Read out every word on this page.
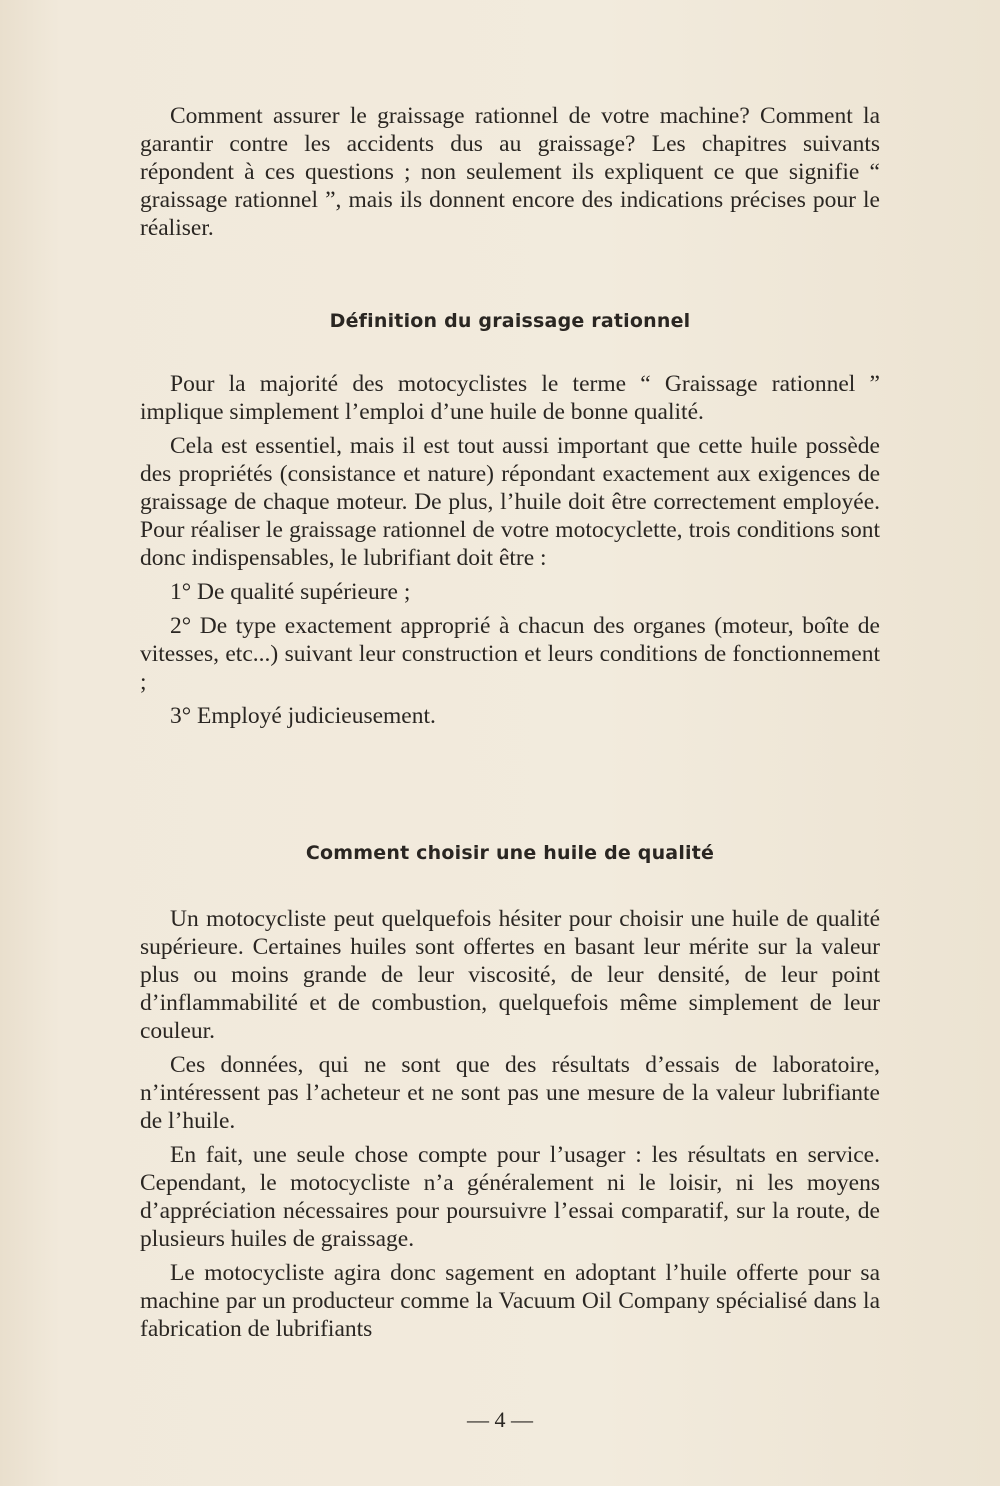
Comment assurer le graissage rationnel de votre machine? Comment la garantir contre les accidents dus au graissage? Les chapitres suivants répondent à ces questions ; non seulement ils expliquent ce que signifie “ graissage rationnel ”, mais ils donnent encore des indications précises pour le réaliser.

Définition du graissage rationnel

Pour la majorité des motocyclistes le terme “ Graissage rationnel ” implique simplement l’emploi d’une huile de bonne qualité.

Cela est essentiel, mais il est tout aussi important que cette huile possède des propriétés (consistance et nature) répondant exactement aux exigences de graissage de chaque moteur. De plus, l’huile doit être correctement employée. Pour réaliser le graissage rationnel de votre motocyclette, trois conditions sont donc indispensables, le lubrifiant doit être :

1° De qualité supérieure ;

2° De type exactement approprié à chacun des organes (moteur, boîte de vitesses, etc...) suivant leur construction et leurs conditions de fonctionnement ;

3° Employé judicieusement.

Comment choisir une huile de qualité

Un motocycliste peut quelquefois hésiter pour choisir une huile de qualité supérieure. Certaines huiles sont offertes en basant leur mérite sur la valeur plus ou moins grande de leur viscosité, de leur densité, de leur point d’inflammabilité et de combustion, quelquefois même simplement de leur couleur.

Ces données, qui ne sont que des résultats d’essais de laboratoire, n’intéressent pas l’acheteur et ne sont pas une mesure de la valeur lubrifiante de l’huile.

En fait, une seule chose compte pour l’usager : les résultats en service. Cependant, le motocycliste n’a généralement ni le loisir, ni les moyens d’appréciation nécessaires pour poursuivre l’essai comparatif, sur la route, de plusieurs huiles de graissage.

Le motocycliste agira donc sagement en adoptant l’huile offerte pour sa machine par un producteur comme la Vacuum Oil Company spécialisé dans la fabrication de lubrifiants

— 4 —
